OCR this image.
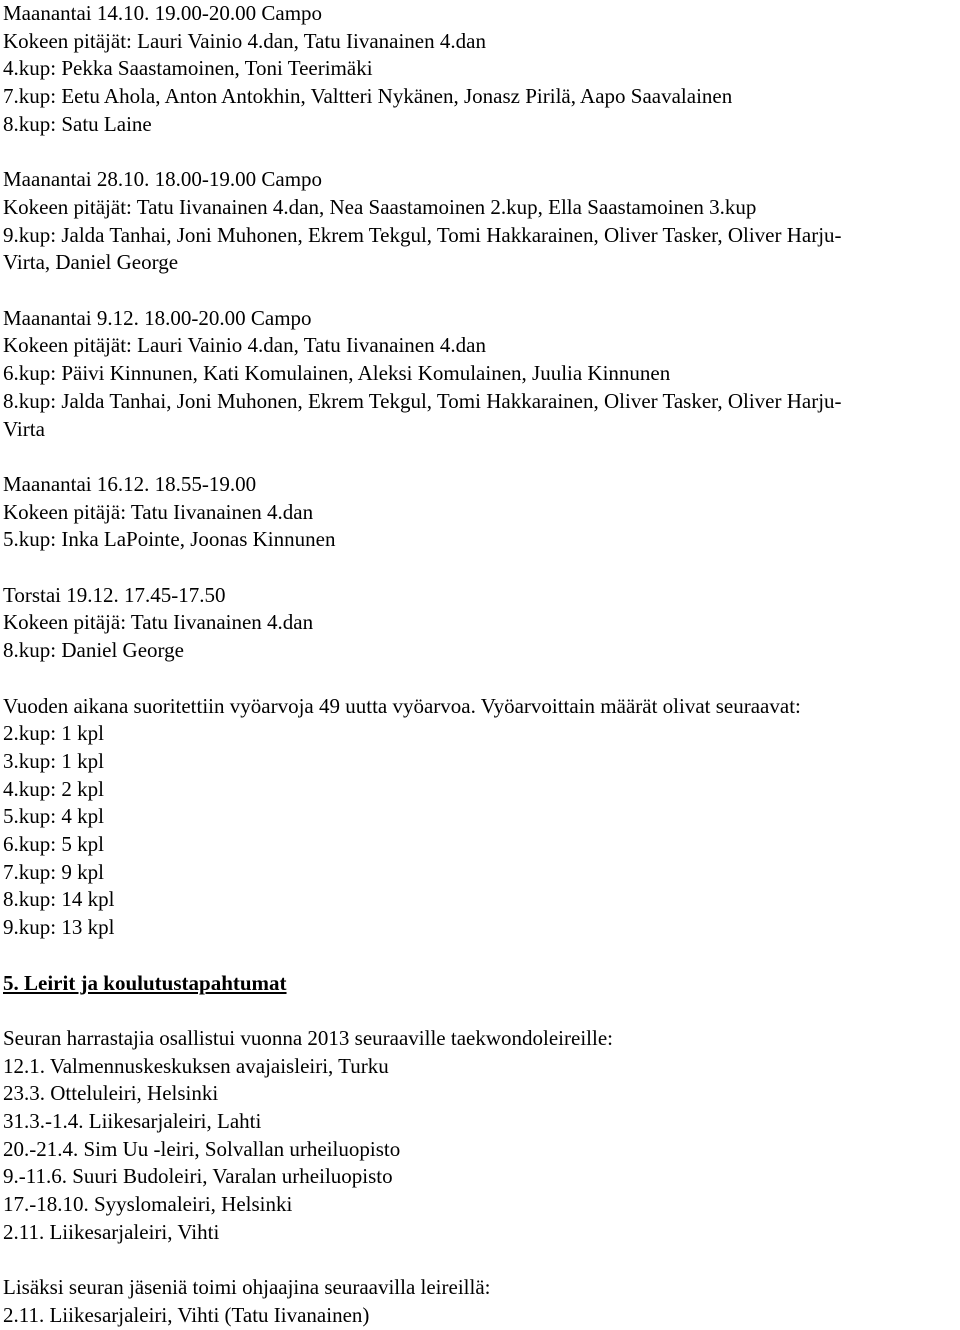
Maanantai 14.10. 19.00-20.00 Campo
Kokeen pitäjät: Lauri Vainio 4.dan, Tatu Iivanainen 4.dan
4.kup: Pekka Saastamoinen, Toni Teerimäki
7.kup: Eetu Ahola, Anton Antokhin, Valtteri Nykänen, Jonasz Pirilä, Aapo Saavalainen
8.kup: Satu Laine
Maanantai 28.10. 18.00-19.00 Campo
Kokeen pitäjät: Tatu Iivanainen 4.dan, Nea Saastamoinen 2.kup, Ella Saastamoinen 3.kup
9.kup: Jalda Tanhai, Joni Muhonen, Ekrem Tekgul, Tomi Hakkarainen, Oliver Tasker, Oliver Harju-
Virta, Daniel George
Maanantai 9.12. 18.00-20.00 Campo
Kokeen pitäjät: Lauri Vainio 4.dan, Tatu Iivanainen 4.dan
6.kup: Päivi Kinnunen, Kati Komulainen, Aleksi Komulainen, Juulia Kinnunen
8.kup: Jalda Tanhai, Joni Muhonen, Ekrem Tekgul, Tomi Hakkarainen, Oliver Tasker, Oliver Harju-
Virta
Maanantai 16.12. 18.55-19.00
Kokeen pitäjä: Tatu Iivanainen 4.dan
5.kup: Inka LaPointe, Joonas Kinnunen
Torstai 19.12. 17.45-17.50
Kokeen pitäjä: Tatu Iivanainen 4.dan
8.kup: Daniel George
Vuoden aikana suoritettiin vyöarvoja 49 uutta vyöarvoa. Vyöarvoittain määrät olivat seuraavat:
2.kup: 1 kpl
3.kup: 1 kpl
4.kup: 2 kpl
5.kup: 4 kpl
6.kup: 5 kpl
7.kup: 9 kpl
8.kup: 14 kpl
9.kup: 13 kpl
5. Leirit ja koulutustapahtumat
Seuran harrastajia osallistui vuonna 2013 seuraaville taekwondoleireille:
12.1. Valmennuskeskuksen avajaisleiri, Turku
23.3. Otteluleiri, Helsinki
31.3.-1.4. Liikesarjaleiri, Lahti
20.-21.4. Sim Uu -leiri, Solvallan urheiluopisto
9.-11.6. Suuri Budoleiri, Varalan urheiluopisto
17.-18.10. Syyslomaleiri, Helsinki
2.11. Liikesarjaleiri, Vihti
Lisäksi seuran jäseniä toimi ohjaajina seuraavilla leireillä:
2.11. Liikesarjaleiri, Vihti (Tatu Iivanainen)
